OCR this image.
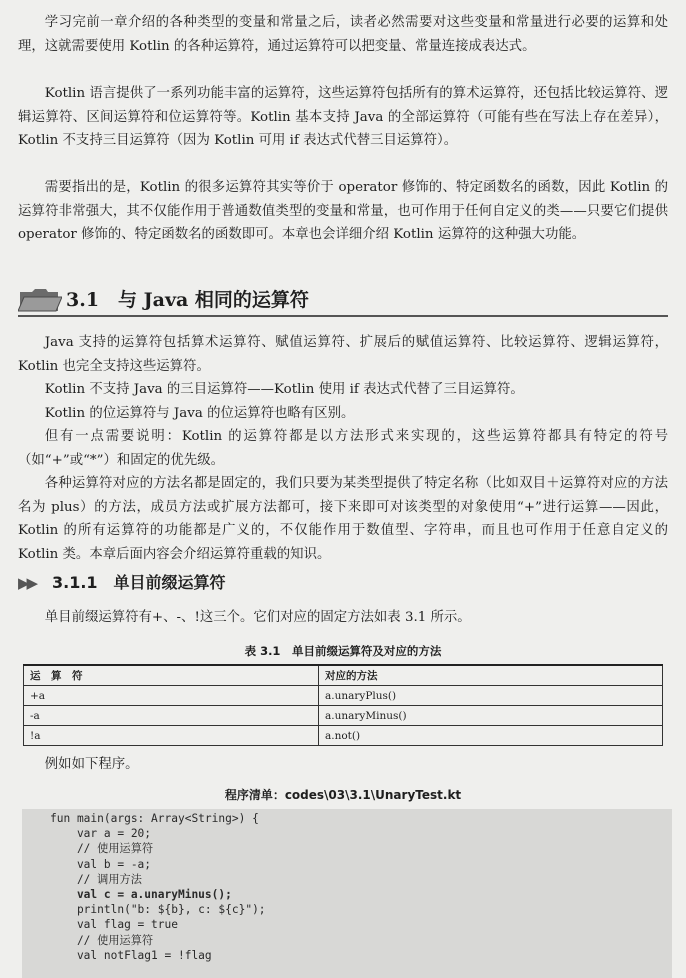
学习完前一章介绍的各种类型的变量和常量之后，读者必然需要对这些变量和常量进行必要的运算和处理，这就需要使用 Kotlin 的各种运算符，通过运算符可以把变量、常量连接成表达式。

Kotlin 语言提供了一系列功能丰富的运算符，这些运算符包括所有的算术运算符，还包括比较运算符、逻辑运算符、区间运算符和位运算符等。Kotlin 基本支持 Java 的全部运算符（可能有些在写法上存在差异），Kotlin 不支持三目运算符（因为 Kotlin 可用 if 表达式代替三目运算符）。

需要指出的是，Kotlin 的很多运算符其实等价于 operator 修饰的、特定函数名的函数，因此 Kotlin 的运算符非常强大，其不仅能作用于普通数值类型的变量和常量，也可作用于任何自定义的类——只要它们提供 operator 修饰的、特定函数名的函数即可。本章也会详细介绍 Kotlin 运算符的这种强大功能。

3.1　与 Java 相同的运算符

Java 支持的运算符包括算术运算符、赋值运算符、扩展后的赋值运算符、比较运算符、逻辑运算符，Kotlin 也完全支持这些运算符。

Kotlin 不支持 Java 的三目运算符——Kotlin 使用 if 表达式代替了三目运算符。

Kotlin 的位运算符与 Java 的位运算符也略有区别。

但有一点需要说明：Kotlin 的运算符都是以方法形式来实现的，这些运算符都具有特定的符号（如“+”或“*”）和固定的优先级。

各种运算符对应的方法名都是固定的，我们只要为某类型提供了特定名称（比如双目＋运算符对应的方法名为 plus）的方法，成员方法或扩展方法都可，接下来即可对该类型的对象使用“+”进行运算——因此，Kotlin 的所有运算符的功能都是广义的，不仅能作用于数值型、字符串，而且也可作用于任意自定义的 Kotlin 类。本章后面内容会介绍运算符重载的知识。

▶▶ 3.1.1　单目前缀运算符

单目前缀运算符有+、-、!这三个。它们对应的固定方法如表 3.1 所示。

表 3.1　单目前缀运算符及对应的方法
运　算　符	对应的方法
+a	a.unaryPlus()
-a	a.unaryMinus()
!a	a.not()

例如如下程序。

程序清单：codes\03\3.1\UnaryTest.kt
fun main(args: Array<String>) {
var a = 20;
// 使用运算符
val b = -a;
// 调用方法
val c = a.unaryMinus();
println("b: ${b}, c: ${c}");
val flag = true
// 使用运算符
val notFlag1 = !flag
